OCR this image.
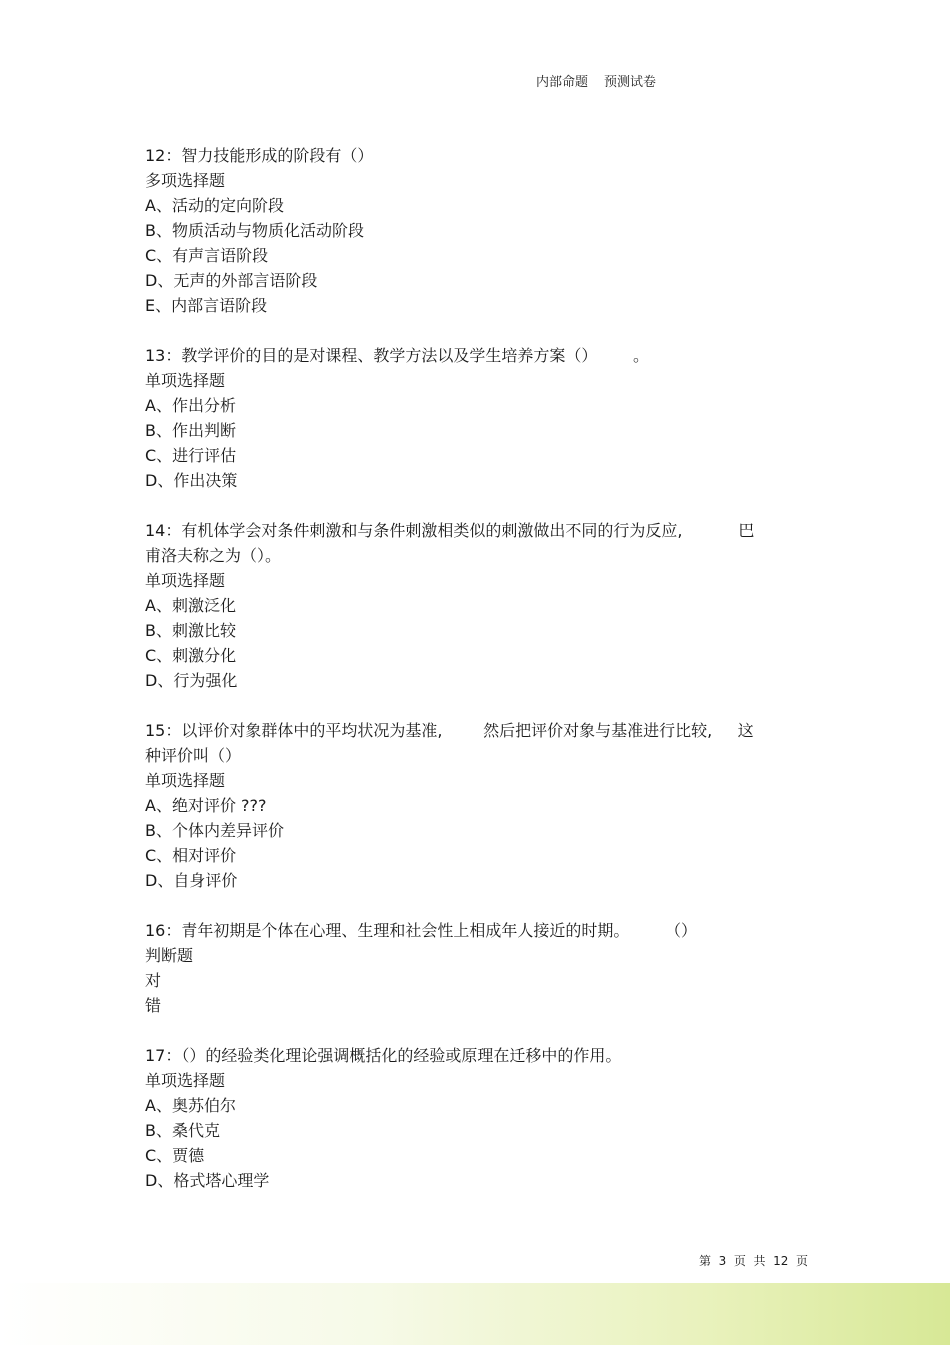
内部命题 预测试卷
12：智力技能形成的阶段有（）
多项选择题
A、活动的定向阶段
B、物质活动与物质化活动阶段
C、有声言语阶段
D、无声的外部言语阶段
E、内部言语阶段
13：教学评价的目的是对课程、教学方法以及学生培养方案（）       。
单项选择题
A、作出分析
B、作出判断
C、进行评估
D、作出决策
14：有机体学会对条件刺激和与条件刺激相类似的刺激做出不同的行为反应,           巴
甫洛夫称之为（）。
单项选择题
A、刺激泛化
B、刺激比较
C、刺激分化
D、行为强化
15：以评价对象群体中的平均状况为基准,        然后把评价对象与基准进行比较,     这
种评价叫（）
单项选择题
A、绝对评价 ???
B、个体内差异评价
C、相对评价
D、自身评价
16：青年初期是个体在心理、生理和社会性上相成年人接近的时期。       （）
判断题
对
错
17：（）的经验类化理论强调概括化的经验或原理在迁移中的作用。
单项选择题
A、奥苏伯尔
B、桑代克
C、贾德
D、格式塔心理学
第  3  页  共  12  页
